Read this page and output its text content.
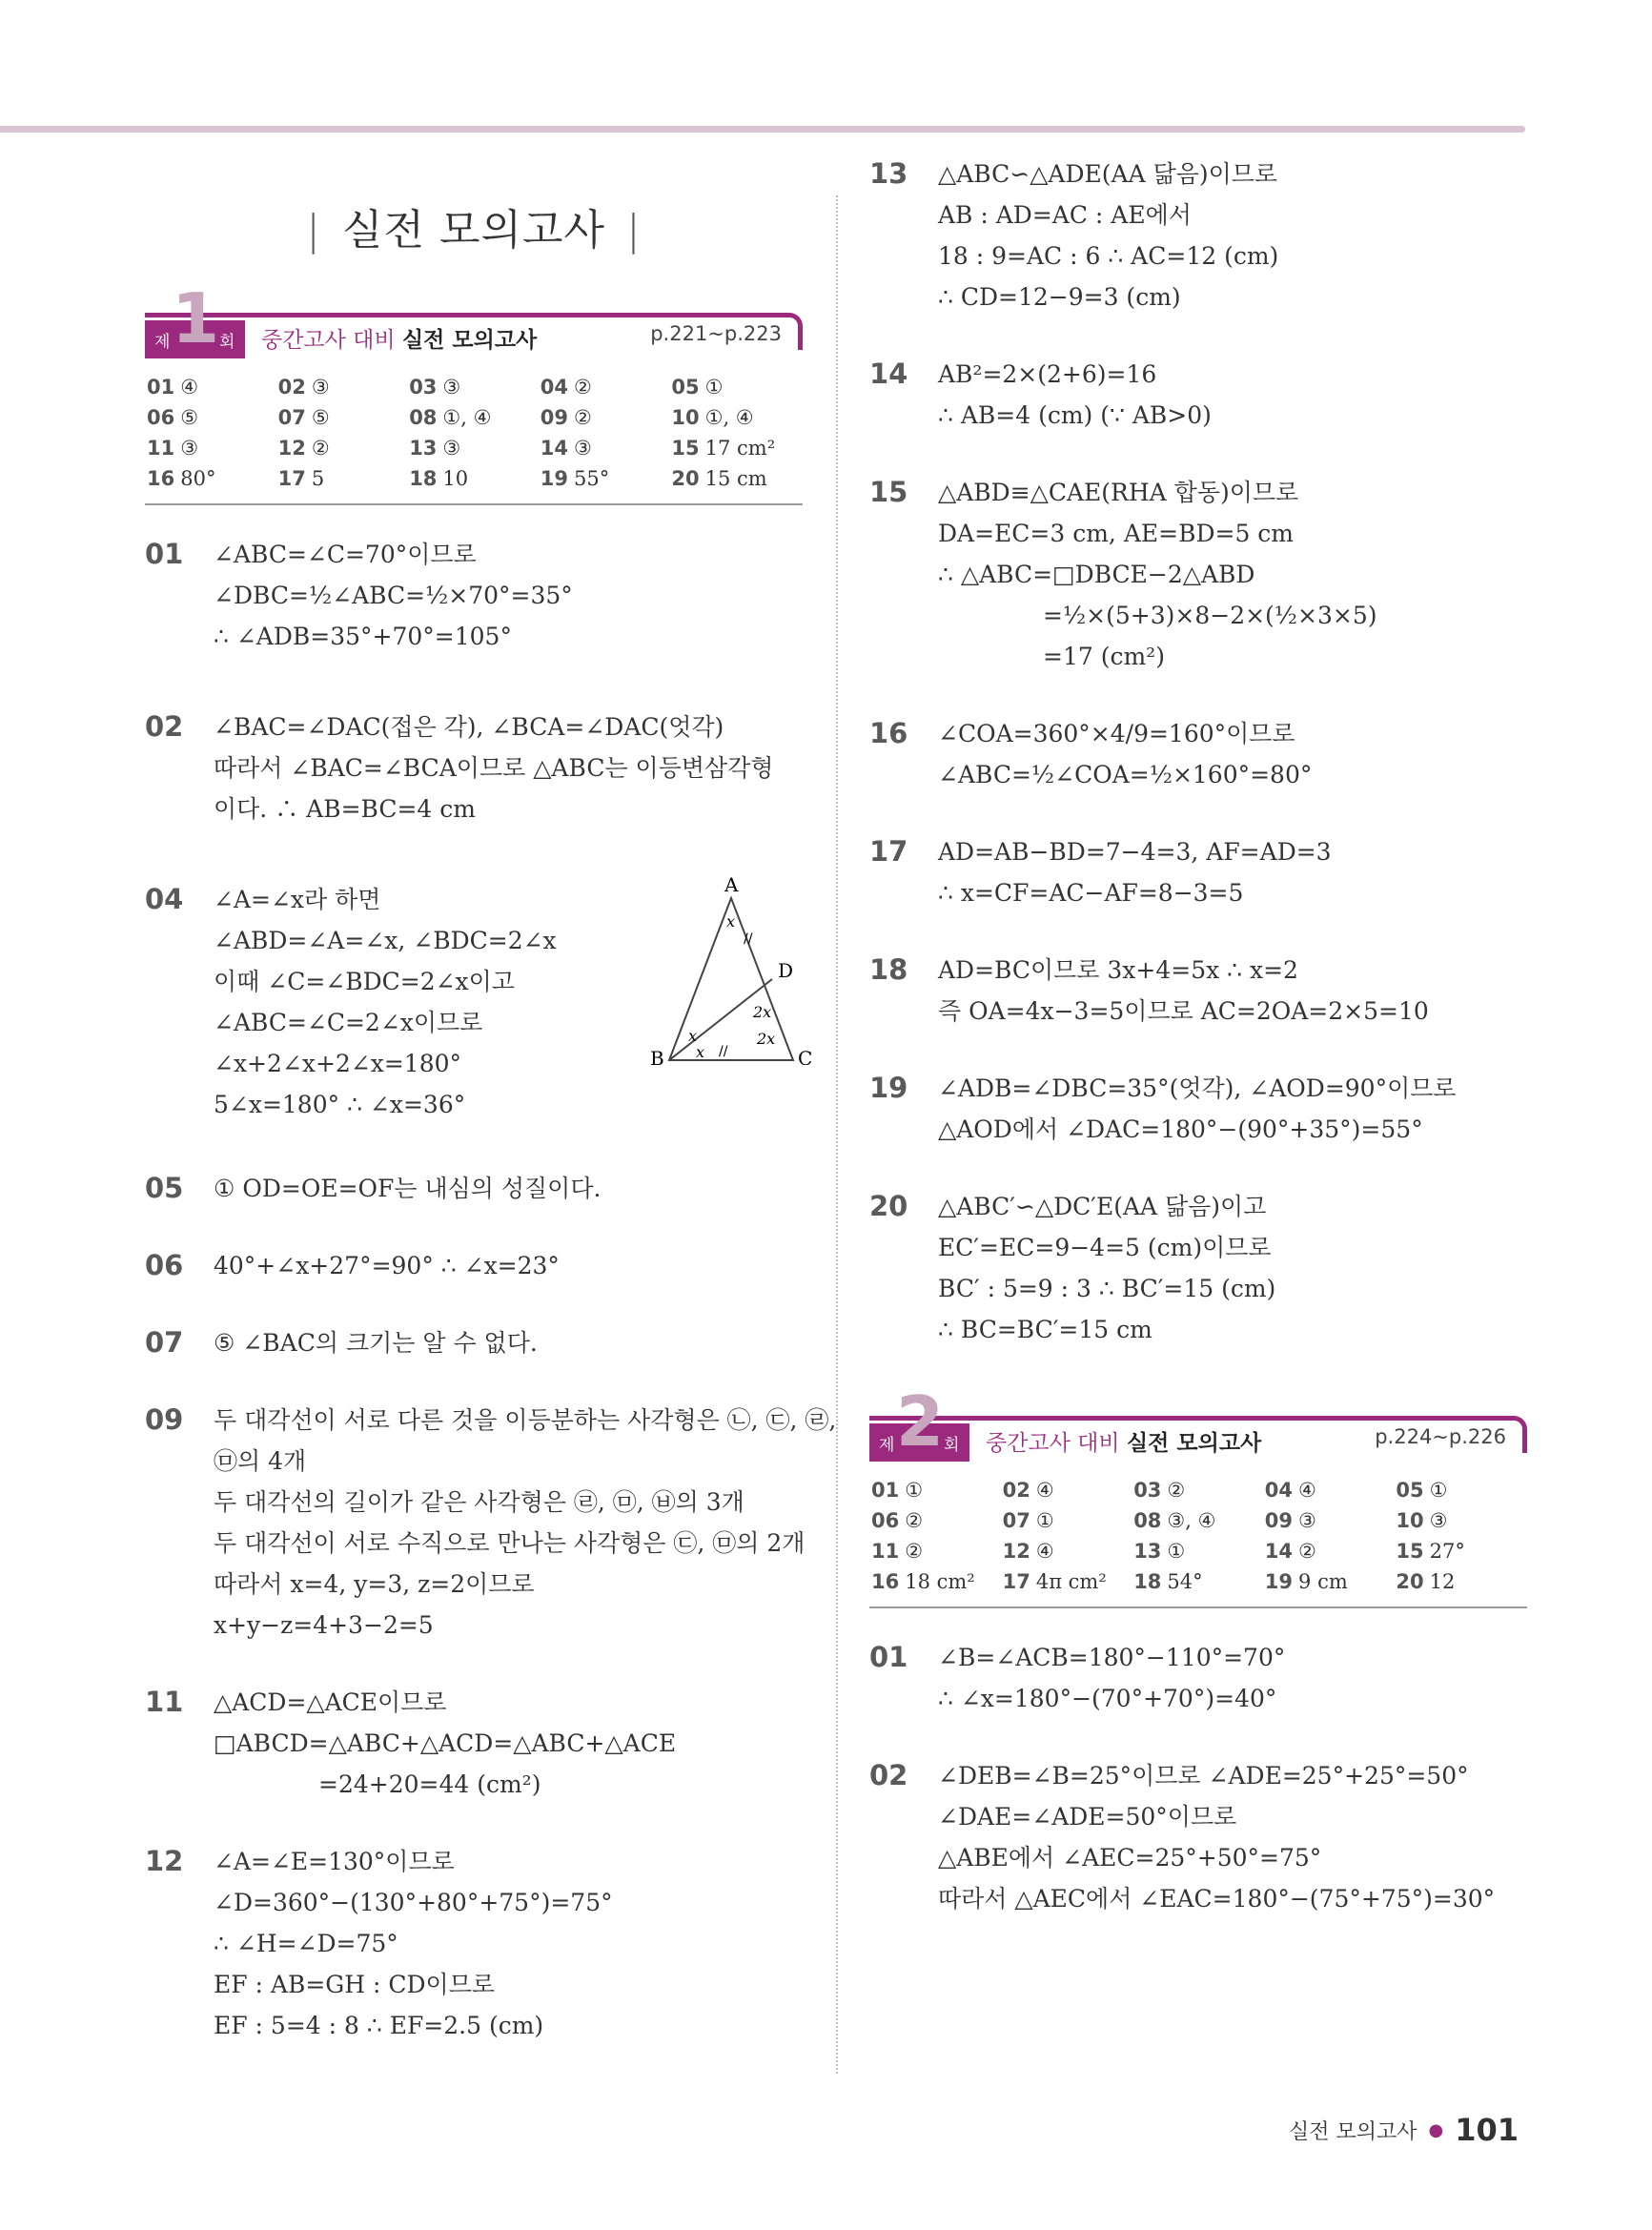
| 실전 모의고사 |
1
제	회 중간고사 대비 실전 모의고사	p.221~p.223
01 ④	02 ③	03 ③	04 ②	05 ①
06 ⑤	07 ⑤	08 ①, ④	09 ②	10 ①, ④
11 ③	12 ②	13 ③	14 ③	15 17 cm²
16 80°	17 5	18 10	19 55°	20 15 cm
01 ∠ABC=∠C=70°이므로
∠DBC=½∠ABC=½×70°=35°
∴ ∠ADB=35°+70°=105°
02 ∠BAC=∠DAC(접은 각), ∠BCA=∠DAC(엇각)
따라서 ∠BAC=∠BCA이므로 △ABC는 이등변삼각형
이다. ∴ AB=BC=4 cm
04 ∠A=∠x라 하면
∠ABD=∠A=∠x, ∠BDC=2∠x
이때 ∠C=∠BDC=2∠x이고
∠ABC=∠C=2∠x이므로
∠x+2∠x+2∠x=180°
5∠x=180° ∴ ∠x=36°
A
B	C
D
x
x
x
2x
2x
//
//
05 ① OD=OE=OF는 내심의 성질이다.
06 40°+∠x+27°=90° ∴ ∠x=23°
07 ⑤ ∠BAC의 크기는 알 수 없다.
09 두 대각선이 서로 다른 것을 이등분하는 사각형은 ㉡, ㉢, ㉣,
㉤의 4개
두 대각선의 길이가 같은 사각형은 ㉣, ㉤, ㉥의 3개
두 대각선이 서로 수직으로 만나는 사각형은 ㉢, ㉤의 2개
따라서 x=4, y=3, z=2이므로
x+y−z=4+3−2=5
11 △ACD=△ACE이므로
□ABCD=△ABC+△ACD=△ABC+△ACE
=24+20=44 (cm²)
12 ∠A=∠E=130°이므로
∠D=360°−(130°+80°+75°)=75°
∴ ∠H=∠D=75°
EF : AB=GH : CD이므로
EF : 5=4 : 8 ∴ EF=2.5 (cm)
13 △ABC∽△ADE(AA 닮음)이므로
AB : AD=AC : AE에서
18 : 9=AC : 6 ∴ AC=12 (cm)
∴ CD=12−9=3 (cm)
14 AB²=2×(2+6)=16
∴ AB=4 (cm) (∵ AB>0)
15 △ABD≡△CAE(RHA 합동)이므로
DA=EC=3 cm, AE=BD=5 cm
∴ △ABC=□DBCE−2△ABD
=½×(5+3)×8−2×(½×3×5)
=17 (cm²)
16 ∠COA=360°×4/9=160°이므로
∠ABC=½∠COA=½×160°=80°
17 AD=AB−BD=7−4=3, AF=AD=3
∴ x=CF=AC−AF=8−3=5
18 AD=BC이므로 3x+4=5x ∴ x=2
즉 OA=4x−3=5이므로 AC=2OA=2×5=10
19 ∠ADB=∠DBC=35°(엇각), ∠AOD=90°이므로
△AOD에서 ∠DAC=180°−(90°+35°)=55°
20 △ABC′∽△DC′E(AA 닮음)이고
EC′=EC=9−4=5 (cm)이므로
BC′ : 5=9 : 3 ∴ BC′=15 (cm)
∴ BC=BC′=15 cm
2
제	회 중간고사 대비 실전 모의고사	p.224~p.226
01 ①	02 ④	03 ②	04 ④	05 ①
06 ②	07 ①	08 ③, ④	09 ③	10 ③
11 ②	12 ④	13 ①	14 ②	15 27°
16 18 cm²	17 4π cm²	18 54°	19 9 cm	20 12
01 ∠B=∠ACB=180°−110°=70°
∴ ∠x=180°−(70°+70°)=40°
02 ∠DEB=∠B=25°이므로 ∠ADE=25°+25°=50°
∠DAE=∠ADE=50°이므로
△ABE에서 ∠AEC=25°+50°=75°
따라서 △AEC에서 ∠EAC=180°−(75°+75°)=30°
실전 모의고사 ● 101
